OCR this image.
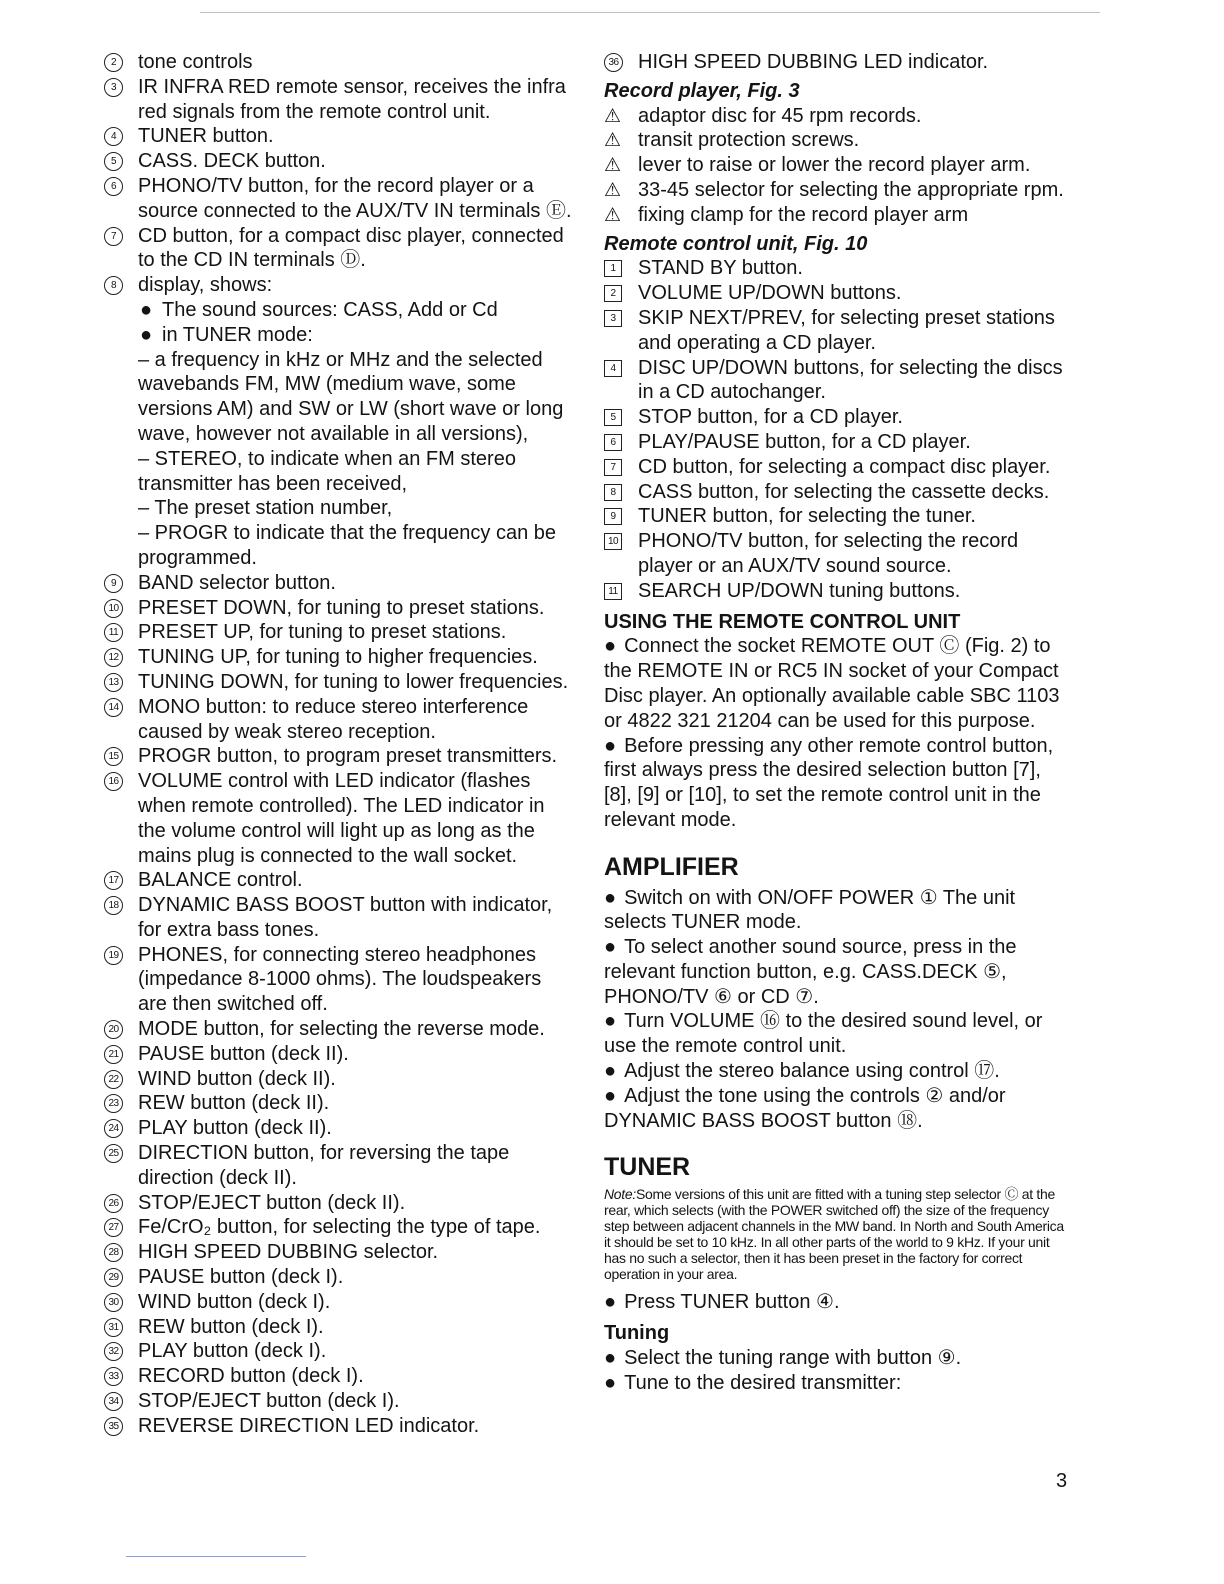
2	tone controls
3	IR INFRA RED remote sensor, receives the infra red signals from the remote control unit.
4	TUNER button.
5	CASS. DECK button.
6	PHONO/TV button, for the record player or a source connected to the AUX/TV IN terminals Ⓔ.
7	CD button, for a compact disc player, connected to the CD IN terminals Ⓓ.
8	display, shows:
● The sound sources: CASS, Add or Cd
● in TUNER mode:
– a frequency in kHz or MHz and the selected wavebands FM, MW (medium wave, some versions AM) and SW or LW (short wave or long wave, however not available in all versions),
– STEREO, to indicate when an FM stereo transmitter has been received,
– The preset station number,
– PROGR to indicate that the frequency can be programmed.
9	BAND selector button.
10 PRESET DOWN, for tuning to preset stations.
11 PRESET UP, for tuning to preset stations.
12 TUNING UP, for tuning to higher frequencies.
13 TUNING DOWN, for tuning to lower frequencies.
14 MONO button: to reduce stereo interference caused by weak stereo reception.
15 PROGR button, to program preset transmitters.
16 VOLUME control with LED indicator (flashes when remote controlled). The LED indicator in the volume control will light up as long as the mains plug is connected to the wall socket.
17 BALANCE control.
18 DYNAMIC BASS BOOST button with indicator, for extra bass tones.
19 PHONES, for connecting stereo headphones (impedance 8-1000 ohms). The loudspeakers are then switched off.
20 MODE button, for selecting the reverse mode.
21 PAUSE button (deck II).
22 WIND button (deck II).
23 REW button (deck II).
24 PLAY button (deck II).
25 DIRECTION button, for reversing the tape direction (deck II).
26 STOP/EJECT button (deck II).
27 Fe/CrO₂ button, for selecting the type of tape.
28 HIGH SPEED DUBBING selector.
29 PAUSE button (deck I).
30 WIND button (deck I).
31 REW button (deck I).
32 PLAY button (deck I).
33 RECORD button (deck I).
34 STOP/EJECT button (deck I).
35 REVERSE DIRECTION LED indicator.
36 HIGH SPEED DUBBING LED indicator.
Record player, Fig. 3
⚠ adaptor disc for 45 rpm records.
⚠ transit protection screws.
⚠ lever to raise or lower the record player arm.
⚠ 33-45 selector for selecting the appropriate rpm.
⚠ fixing clamp for the record player arm
Remote control unit, Fig. 10
1	STAND BY button.
2	VOLUME UP/DOWN buttons.
3	SKIP NEXT/PREV, for selecting preset stations and operating a CD player.
4	DISC UP/DOWN buttons, for selecting the discs in a CD autochanger.
5	STOP button, for a CD player.
6	PLAY/PAUSE button, for a CD player.
7	CD button, for selecting a compact disc player.
8	CASS button, for selecting the cassette decks.
9	TUNER button, for selecting the tuner.
10 PHONO/TV button, for selecting the record player or an AUX/TV sound source.
11 SEARCH UP/DOWN tuning buttons.
USING THE REMOTE CONTROL UNIT
● Connect the socket REMOTE OUT Ⓒ (Fig. 2) to the REMOTE IN or RC5 IN socket of your Compact Disc player. An optionally available cable SBC 1103 or 4822 321 21204 can be used for this purpose.
● Before pressing any other remote control button, first always press the desired selection button [7], [8], [9] or [10], to set the remote control unit in the relevant mode.
AMPLIFIER
● Switch on with ON/OFF POWER ① The unit selects TUNER mode.
● To select another sound source, press in the relevant function button, e.g. CASS.DECK ⑤, PHONO/TV ⑥ or CD ⑦.
● Turn VOLUME ⑯ to the desired sound level, or use the remote control unit.
● Adjust the stereo balance using control ⑰.
● Adjust the tone using the controls ② and/or DYNAMIC BASS BOOST button ⑱.
TUNER
Note:Some versions of this unit are fitted with a tuning step selector Ⓒ at the rear, which selects (with the POWER switched off) the size of the frequency step between adjacent channels in the MW band. In North and South America it should be set to 10 kHz. In all other parts of the world to 9 kHz. If your unit has no such a selector, then it has been preset in the factory for correct operation in your area.
● Press TUNER button ④.
Tuning
● Select the tuning range with button ⑨.
● Tune to the desired transmitter:
3
